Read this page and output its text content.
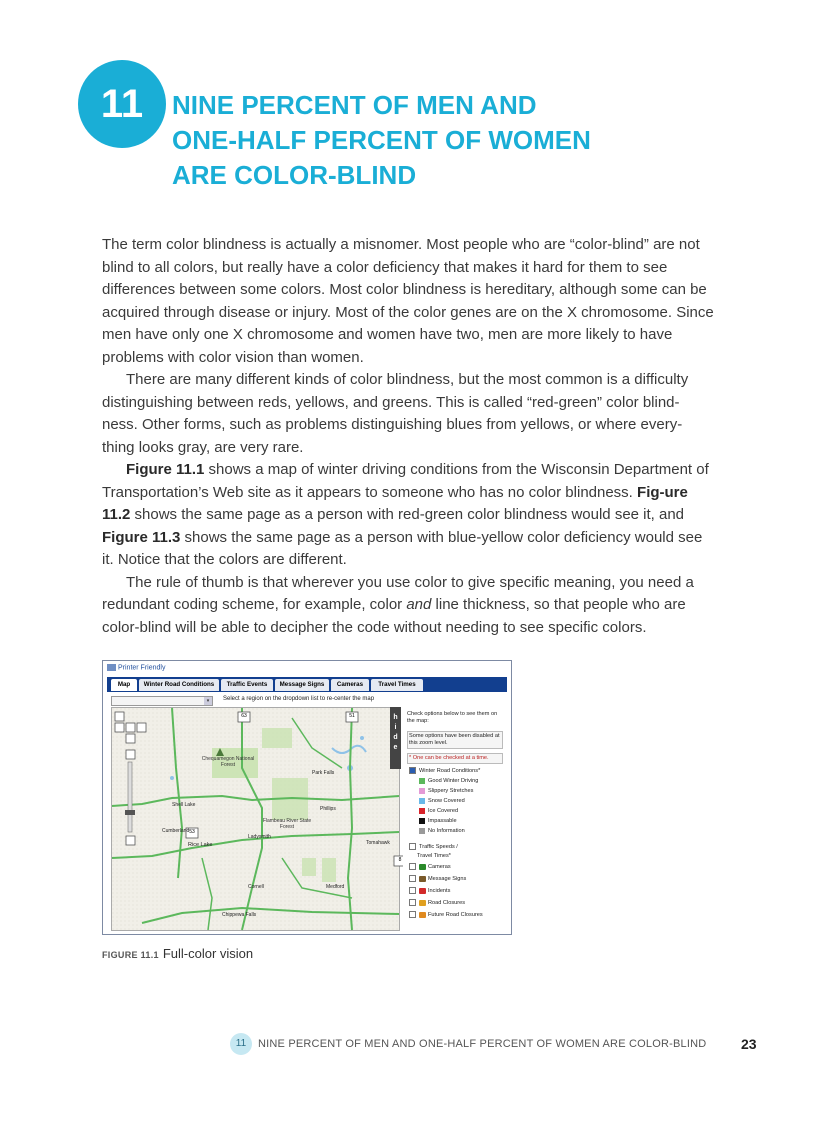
11	NINE PERCENT OF MEN AND
ONE-HALF PERCENT OF WOMEN
ARE COLOR-BLIND

The term color blindness is actually a misnomer. Most people who are “color-blind” are not blind to all colors, but really have a color deficiency that makes it hard for them to see differences between some colors. Most color blindness is hereditary, although some can be acquired through disease or injury. Most of the color genes are on the X chromosome. Since men have only one X chromosome and women have two, men are more likely to have problems with color vision than women.

There are many different kinds of color blindness, but the most common is a difficulty distinguishing between reds, yellows, and greens. This is called “red-green” color blind-ness. Other forms, such as problems distinguishing blues from yellows, or where every-thing looks gray, are very rare.

Figure 11.1 shows a map of winter driving conditions from the Wisconsin Department of Transportation’s Web site as it appears to someone who has no color blindness. Fig-ure 11.2 shows the same page as a person with red-green color blindness would see it, and Figure 11.3 shows the same page as a person with blue-yellow color deficiency would see it. Notice that the colors are different.

The rule of thumb is that wherever you use color to give specific meaning, you need a redundant coding scheme, for example, color and line thickness, so that people who are color-blind will be able to decipher the code without needing to see specific colors.

Printer Friendly
Map	Winter Road Conditions	Traffic Events	Message Signs	Cameras	Travel Times
▾	Select a region on the dropdown list to re-center the map
63	51
53
8
Chequamegon National Forest
Flambeau River State Forest
Rice Lake
Ladysmith
Shell Lake
Cumberland
Tomahawk
Medford
Phillips
Park Falls
Cornell
Chippewa Falls
h
i
d
e
Check options below to see them on the map:
Some options have been disabled at this zoom level.
* One can be checked at a time.
Winter Road Conditions*
Good Winter Driving
Slippery Stretches
Snow Covered
Ice Covered
Impassable
No Information
Traffic Speeds /
Travel Times*
Cameras
Message Signs
Incidents
Road Closures
Future Road Closures
FIGURE 11.1 Full-color vision
11	NINE PERCENT OF MEN AND ONE-HALF PERCENT OF WOMEN ARE COLOR-BLIND 23
